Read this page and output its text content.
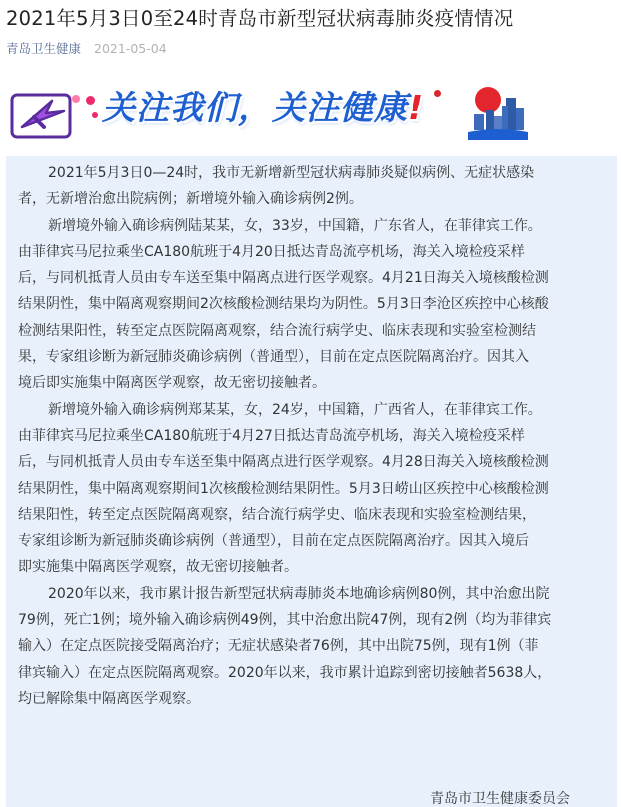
2021年5月3日0至24时青岛市新型冠状病毒肺炎疫情情况
青岛卫生健康 2021-05-04
关注我们，关注健康!

2021年5月3日0—24时，我市无新增新型冠状病毒肺炎疑似病例、无症状感染
者，无新增治愈出院病例；新增境外输入确诊病例2例。

新增境外输入确诊病例陆某某，女，33岁，中国籍，广东省人，在菲律宾工作。
由菲律宾马尼拉乘坐CA180航班于4月20日抵达青岛流亭机场，海关入境检疫采样
后，与同机抵青人员由专车送至集中隔离点进行医学观察。4月21日海关入境核酸检测
结果阴性，集中隔离观察期间2次核酸检测结果均为阴性。5月3日李沧区疾控中心核酸
检测结果阳性，转至定点医院隔离观察，结合流行病学史、临床表现和实验室检测结
果，专家组诊断为新冠肺炎确诊病例（普通型），目前在定点医院隔离治疗。因其入
境后即实施集中隔离医学观察，故无密切接触者。

新增境外输入确诊病例郑某某，女，24岁，中国籍，广西省人，在菲律宾工作。
由菲律宾马尼拉乘坐CA180航班于4月27日抵达青岛流亭机场，海关入境检疫采样
后，与同机抵青人员由专车送至集中隔离点进行医学观察。4月28日海关入境核酸检测
结果阴性，集中隔离观察期间1次核酸检测结果阴性。5月3日崂山区疾控中心核酸检测
结果阳性，转至定点医院隔离观察，结合流行病学史、临床表现和实验室检测结果，
专家组诊断为新冠肺炎确诊病例（普通型），目前在定点医院隔离治疗。因其入境后
即实施集中隔离医学观察，故无密切接触者。

2020年以来，我市累计报告新型冠状病毒肺炎本地确诊病例80例，其中治愈出院
79例，死亡1例；境外输入确诊病例49例，其中治愈出院47例，现有2例（均为菲律宾
输入）在定点医院接受隔离治疗；无症状感染者76例，其中出院75例，现有1例（菲
律宾输入）在定点医院隔离观察。2020年以来，我市累计追踪到密切接触者5638人，
均已解除集中隔离医学观察。

青岛市卫生健康委员会
